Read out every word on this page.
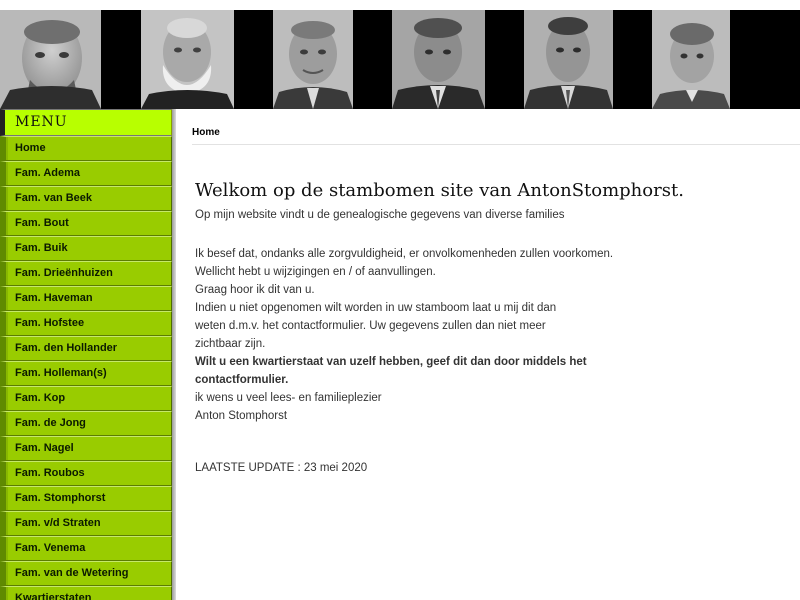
MENU
Home
Fam. Adema
Fam. van Beek
Fam. Bout
Fam. Buik
Fam. Drieënhuizen
Fam. Haveman
Fam. Hofstee
Fam. den Hollander
Fam. Holleman(s)
Fam. Kop
Fam. de Jong
Fam. Nagel
Fam. Roubos
Fam. Stomphorst
Fam. v/d Straten
Fam. Venema
Fam. van de Wetering
Kwartierstaten
Home
Welkom op de stambomen site van AntonStomphorst.

Op mijn website vindt u de genealogische gegevens van diverse families

Ik besef dat, ondanks alle zorgvuldigheid, er onvolkomenheden zullen voorkomen.

Wellicht hebt u wijzigingen en / of aanvullingen.

Graag hoor ik dit van u.

Indien u niet opgenomen wilt worden in uw stamboom laat u mij dit dan

weten d.m.v. het contactformulier. Uw gegevens zullen dan niet meer

zichtbaar zijn.

Wilt u een kwartierstaat van uzelf hebben, geef dit dan door middels het

contactformulier.

ik wens u veel lees- en familieplezier

Anton Stomphorst

LAATSTE UPDATE : 23 mei 2020
